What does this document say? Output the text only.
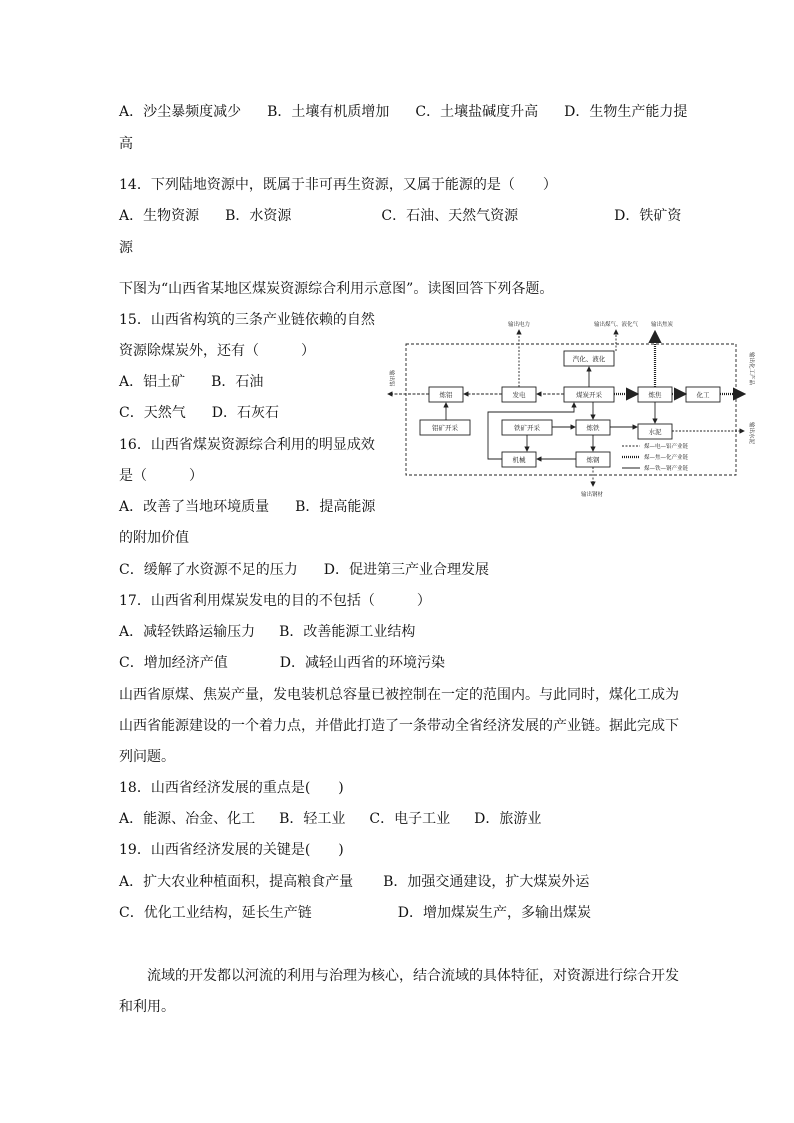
A．沙尘暴频度减少 B．土壤有机质增加 C．土壤盐碱度升高 D．生物生产能力提
高
14．下列陆地资源中，既属于非可再生资源，又属于能源的是（　　）
A．生物资源 B．水资源	C．石油、天然气资源	D．铁矿资
源
下图为“山西省某地区煤炭资源综合利用示意图”。读图回答下列各题。
15．山西省构筑的三条产业链依赖的自然
资源除煤炭外，还有（　　　）
A．铝土矿 B．石油
C．天然气 D．石灰石
16．山西省煤炭资源综合利用的明显成效
是（　　　）
A．改善了当地环境质量 B．提高能源
的附加价值
C．缓解了水资源不足的压力 D．促进第三产业合理发展
17．山西省利用煤炭发电的目的不包括（　　　）
A．减轻铁路运输压力 B．改善能源工业结构
C．增加经济产值	D．减轻山西省的环境污染
山西省原煤、焦炭产量，发电装机总容量已被控制在一定的范围内。与此同时，煤化工成为
山西省能源建设的一个着力点，并借此打造了一条带动全省经济发展的产业链。据此完成下
列问题。
18．山西省经济发展的重点是(　　)
A．能源、冶金、化工 B．轻工业 C．电子工业 D．旅游业
19．山西省经济发展的关键是(　　)
A．扩大农业种植面积，提高粮食产量 B．加强交通建设，扩大煤炭外运
C．优化工业结构，延长生产链	D．增加煤炭生产，多输出煤炭
流域的开发都以河流的利用与治理为核心，结合流域的具体特征，对资源进行综合开发
和利用。
输出电力	输出煤气、液化气 输出焦炭
输出铝	输出化工产品
输出水泥
输出钢材
汽化、液化
炼铝	发电	煤炭开采	炼焦	化工
铝矿开采	铁矿开采	炼铁	水泥
机械	炼钢
煤—电—铝产业链
煤—焦—化产业链
煤—铁—钢产业链
